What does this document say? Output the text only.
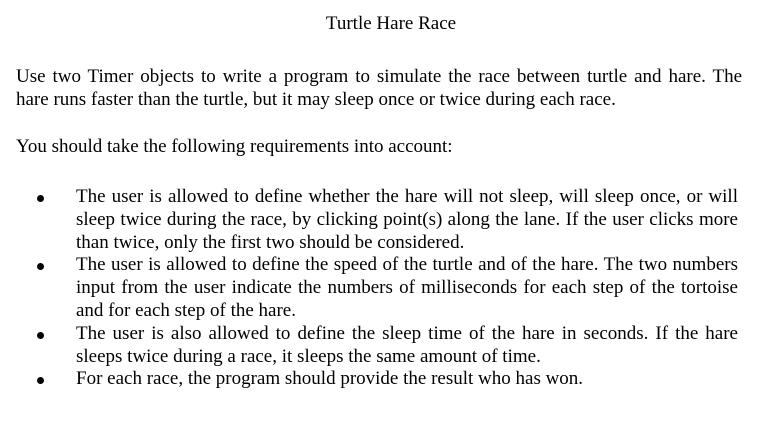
Turtle Hare Race

Use two Timer objects to write a program to simulate the race between turtle and hare. The hare runs faster than the turtle, but it may sleep once or twice during each race.

You should take the following requirements into account:

The user is allowed to define whether the hare will not sleep, will sleep once, or will sleep twice during the race, by clicking point(s) along the lane. If the user clicks more than twice, only the first two should be considered.
The user is allowed to define the speed of the turtle and of the hare. The two numbers input from the user indicate the numbers of milliseconds for each step of the tortoise and for each step of the hare.
The user is also allowed to define the sleep time of the hare in seconds. If the hare sleeps twice during a race, it sleeps the same amount of time.
For each race, the program should provide the result who has won.
